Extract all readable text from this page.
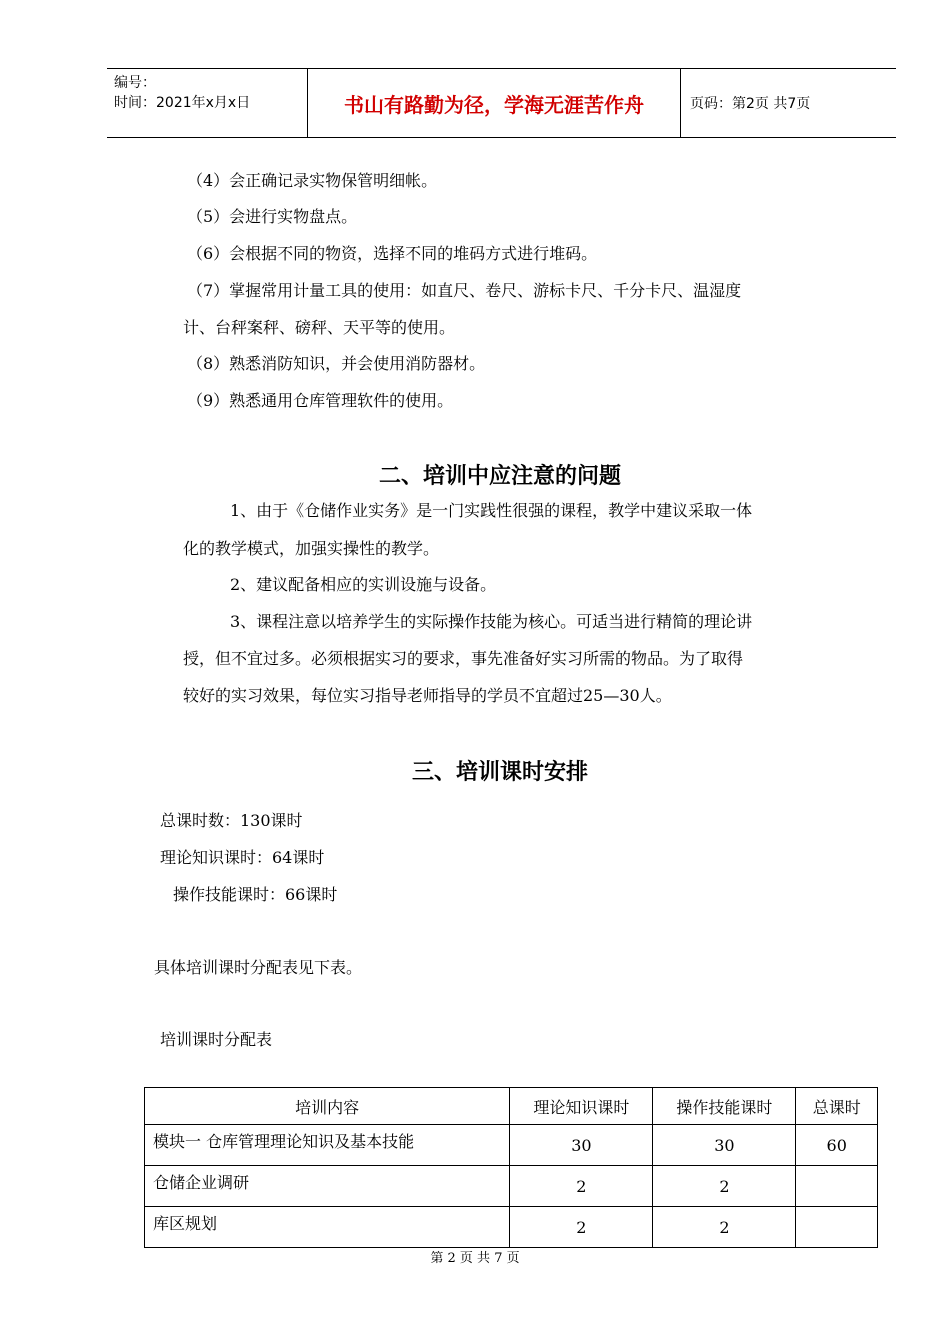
编号：
时间：2021年x月x日	书山有路勤为径，学海无涯苦作舟	页码：第2页 共7页
（4）会正确记录实物保管明细帐。
（5）会进行实物盘点。
（6）会根据不同的物资，选择不同的堆码方式进行堆码。
（7）掌握常用计量工具的使用：如直尺、卷尺、游标卡尺、千分卡尺、温湿度
计、台秤案秤、磅秤、天平等的使用。
（8）熟悉消防知识，并会使用消防器材。
（9）熟悉通用仓库管理软件的使用。
二、培训中应注意的问题
1、由于《仓储作业实务》是一门实践性很强的课程，教学中建议采取一体
化的教学模式，加强实操性的教学。
2、建议配备相应的实训设施与设备。
3、课程注意以培养学生的实际操作技能为核心。可适当进行精简的理论讲
授，但不宜过多。必须根据实习的要求，事先准备好实习所需的物品。为了取得
较好的实习效果，每位实习指导老师指导的学员不宜超过25—30人。
三、培训课时安排
总课时数：130课时
理论知识课时：64课时
操作技能课时：66课时
具体培训课时分配表见下表。
培训课时分配表
培训内容	理论知识课时	操作技能课时	总课时
模块一 仓库管理理论知识及基本技能	30	30	60
仓储企业调研	2	2	
库区规划	2	2	
第 2 页 共 7 页
